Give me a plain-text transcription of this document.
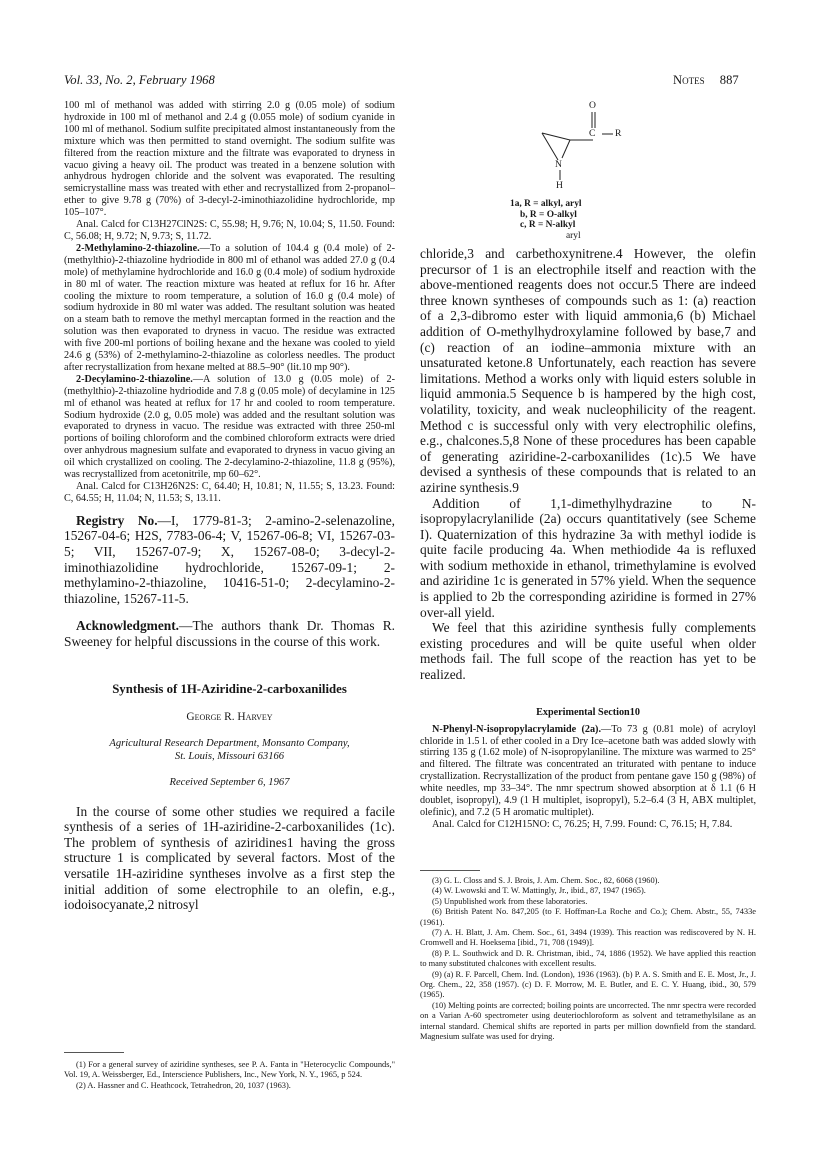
Vol. 33, No. 2, February 1968	Notes 887

100 ml of methanol was added with stirring 2.0 g (0.05 mole) of sodium hydroxide in 100 ml of methanol and 2.4 g (0.055 mole) of sodium cyanide in 100 ml of methanol. Sodium sulfite precipitated almost instantaneously from the mixture which was then permitted to stand overnight. The sodium sulfite was filtered from the reaction mixture and the filtrate was evaporated to dryness in vacuo giving a heavy oil. The product was treated in a benzene solution with anhydrous hydrogen chloride and the solvent was evaporated. The resulting semicrystalline mass was treated with ether and recrystallized from 2-propanol–ether to give 9.78 g (70%) of 3-decyl-2-iminothiazolidine hydrochloride, mp 105–107°.

Anal. Calcd for C13H27ClN2S: C, 55.98; H, 9.76; N, 10.04; S, 11.50. Found: C, 56.08; H, 9.72; N, 9.73; S, 11.72.

2-Methylamino-2-thiazoline.—To a solution of 104.4 g (0.4 mole) of 2-(methylthio)-2-thiazoline hydriodide in 800 ml of ethanol was added 27.0 g (0.4 mole) of methylamine hydrochloride and 16.0 g (0.4 mole) of sodium hydroxide in 80 ml of water. The reaction mixture was heated at reflux for 16 hr. After cooling the mixture to room temperature, a solution of 16.0 g (0.4 mole) of sodium hydroxide in 80 ml water was added. The resultant solution was heated on a steam bath to remove the methyl mercaptan formed in the reaction and the solution was then evaporated to dryness in vacuo. The residue was extracted with five 200-ml portions of boiling hexane and the hexane was cooled to yield 24.6 g (53%) of 2-methylamino-2-thiazoline as colorless needles. The product after recrystallization from hexane melted at 88.5–90° (lit.10 mp 90°).

2-Decylamino-2-thiazoline.—A solution of 13.0 g (0.05 mole) of 2-(methylthio)-2-thiazoline hydriodide and 7.8 g (0.05 mole) of decylamine in 125 ml of ethanol was heated at reflux for 17 hr and cooled to room temperature. Sodium hydroxide (2.0 g, 0.05 mole) was added and the resultant solution was evaporated to dryness in vacuo. The residue was extracted with three 250-ml portions of boiling chloroform and the combined chloroform extracts were dried over anhydrous magnesium sulfate and evaporated to dryness in vacuo giving an oil which crystallized on cooling. The 2-decylamino-2-thiazoline, 11.8 g (95%), was recrystallized from acetonitrile, mp 60–62°.

Anal. Calcd for C13H26N2S: C, 64.40; H, 10.81; N, 11.55; S, 13.23. Found: C, 64.55; H, 11.04; N, 11.53; S, 13.11.

Registry No.—I, 1779-81-3; 2-amino-2-selenazoline, 15267-04-6; H2S, 7783-06-4; V, 15267-06-8; VI, 15267-03-5; VII, 15267-07-9; X, 15267-08-0; 3-decyl-2-iminothiazolidine hydrochloride, 15267-09-1; 2-methylamino-2-thiazoline, 10416-51-0; 2-decylamino-2-thiazoline, 15267-11-5.

Acknowledgment.—The authors thank Dr. Thomas R. Sweeney for helpful discussions in the course of this work.

Synthesis of 1H-Aziridine-2-carboxanilides
George R. Harvey
Agricultural Research Department, Monsanto Company,
St. Louis, Missouri 63166
Received September 6, 1967

In the course of some other studies we required a facile synthesis of a series of 1H-aziridine-2-carboxanilides (1c). The problem of synthesis of aziridines1 having the gross structure 1 is complicated by several factors. Most of the versatile 1H-aziridine syntheses involve as a first step the initial addition of some electrophile to an olefin, e.g., iodoisocyanate,2 nitrosyl

(1) For a general survey of aziridine syntheses, see P. A. Fanta in "Heterocyclic Compounds," Vol. 19, A. Weissberger, Ed., Interscience Publishers, Inc., New York, N. Y., 1965, p 524.

(2) A. Hassner and C. Heathcock, Tetrahedron, 20, 1037 (1963).

O
C R
N
H
1a, R = alkyl, aryl
b, R = O-alkyl
c, R = N-alkyl
aryl

chloride,3 and carbethoxynitrene.4 However, the olefin precursor of 1 is an electrophile itself and reaction with the above-mentioned reagents does not occur.5 There are indeed three known syntheses of compounds such as 1: (a) reaction of a 2,3-dibromo ester with liquid ammonia,6 (b) Michael addition of O-methylhydroxylamine followed by base,7 and (c) reaction of an iodine–ammonia mixture with an unsaturated ketone.8 Unfortunately, each reaction has severe limitations. Method a works only with liquid esters soluble in liquid ammonia.5 Sequence b is hampered by the high cost, volatility, toxicity, and weak nucleophilicity of the reagent. Method c is successful only with very electrophilic olefins, e.g., chalcones.5,8 None of these procedures has been capable of generating aziridine-2-carboxanilides (1c).5 We have devised a synthesis of these compounds that is related to an azirine synthesis.9

Addition of 1,1-dimethylhydrazine to N-isopropylacrylanilide (2a) occurs quantitatively (see Scheme I). Quaternization of this hydrazine 3a with methyl iodide is quite facile producing 4a. When methiodide 4a is refluxed with sodium methoxide in ethanol, trimethylamine is evolved and aziridine 1c is generated in 57% yield. When the sequence is applied to 2b the corresponding aziridine is formed in 27% over-all yield.

We feel that this aziridine synthesis fully complements existing procedures and will be quite useful when older methods fail. The full scope of the reaction has yet to be realized.

Experimental Section10

N-Phenyl-N-isopropylacrylamide (2a).—To 73 g (0.81 mole) of acryloyl chloride in 1.5 l. of ether cooled in a Dry Ice–acetone bath was added slowly with stirring 135 g (1.62 mole) of N-isopropylaniline. The mixture was warmed to 25° and filtered. The filtrate was concentrated an triturated with pentane to induce crystallization. Recrystallization of the product from pentane gave 150 g (98%) of white needles, mp 33–34°. The nmr spectrum showed absorption at δ 1.1 (6 H doublet, isopropyl), 4.9 (1 H multiplet, isopropyl), 5.2–6.4 (3 H, ABX multiplet, olefinic), and 7.2 (5 H aromatic multiplet).

Anal. Calcd for C12H15NO: C, 76.25; H, 7.99. Found: C, 76.15; H, 7.84.

(3) G. L. Closs and S. J. Brois, J. Am. Chem. Soc., 82, 6068 (1960).

(4) W. Lwowski and T. W. Mattingly, Jr., ibid., 87, 1947 (1965).

(5) Unpublished work from these laboratories.

(6) British Patent No. 847,205 (to F. Hoffman-La Roche and Co.); Chem. Abstr., 55, 7433e (1961).

(7) A. H. Blatt, J. Am. Chem. Soc., 61, 3494 (1939). This reaction was rediscovered by N. H. Cromwell and H. Hoeksema [ibid., 71, 708 (1949)].

(8) P. L. Southwick and D. R. Christman, ibid., 74, 1886 (1952). We have applied this reaction to many substituted chalcones with excellent results.

(9) (a) R. F. Parcell, Chem. Ind. (London), 1936 (1963). (b) P. A. S. Smith and E. E. Most, Jr., J. Org. Chem., 22, 358 (1957). (c) D. F. Morrow, M. E. Butler, and E. C. Y. Huang, ibid., 30, 579 (1965).

(10) Melting points are corrected; boiling points are uncorrected. The nmr spectra were recorded on a Varian A-60 spectrometer using deuteriochloroform as solvent and tetramethylsilane as an internal standard. Chemical shifts are reported in parts per million downfield from the standard. Magnesium sulfate was used for drying.
